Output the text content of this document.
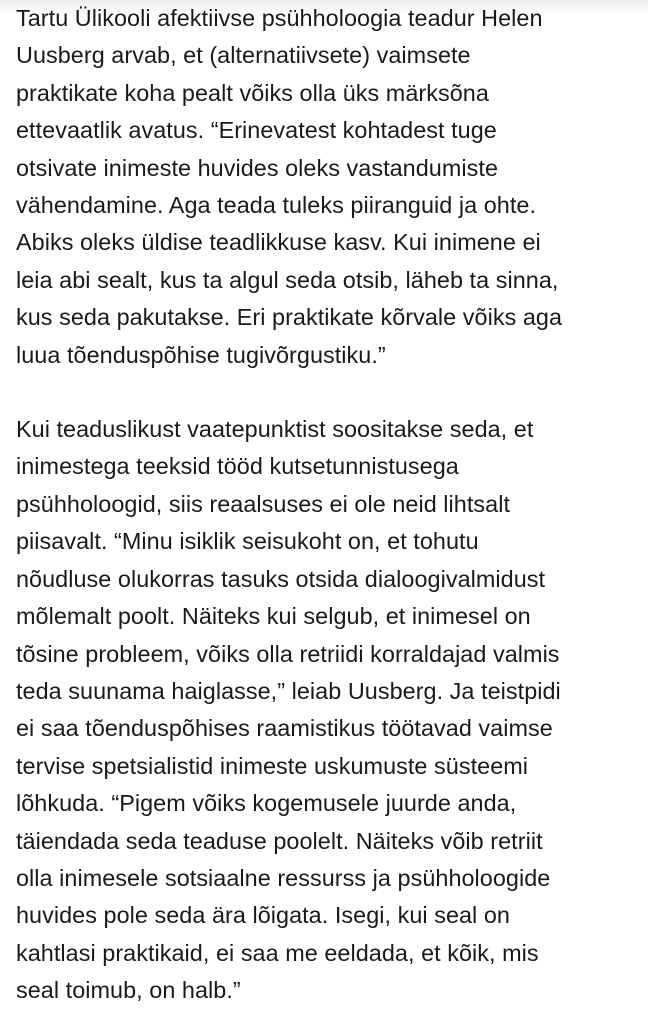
Tartu Ülikooli afektiivse psühholoogia teadur Helen
Uusberg arvab, et (alternatiivsete) vaimsete
praktikate koha pealt võiks olla üks märksõna
ettevaatlik avatus. “Erinevatest kohtadest tuge
otsivate inimeste huvides oleks vastandumiste
vähendamine. Aga teada tuleks piiranguid ja ohte.
Abiks oleks üldise teadlikkuse kasv. Kui inimene ei
leia abi sealt, kus ta algul seda otsib, läheb ta sinna,
kus seda pakutakse. Eri praktikate kõrvale võiks aga
luua tõenduspõhise tugivõrgustiku.”

Kui teaduslikust vaatepunktist soositakse seda, et
inimestega teeksid tööd kutsetunnistusega
psühholoogid, siis reaalsuses ei ole neid lihtsalt
piisavalt. “Minu isiklik seisukoht on, et tohutu
nõudluse olukorras tasuks otsida dialoogivalmidust
mõlemalt poolt. Näiteks kui selgub, et inimesel on
tõsine probleem, võiks olla retriidi korraldajad valmis
teda suunama haiglasse,” leiab Uusberg. Ja teistpidi
ei saa tõenduspõhises raamistikus töötavad vaimse
tervise spetsialistid inimeste uskumuste süsteemi
lõhkuda. “Pigem võiks kogemusele juurde anda,
täiendada seda teaduse poolelt. Näiteks võib retriit
olla inimesele sotsiaalne ressurss ja psühholoogide
huvides pole seda ära lõigata. Isegi, kui seal on
kahtlasi praktikaid, ei saa me eeldada, et kõik, mis
seal toimub, on halb.”
